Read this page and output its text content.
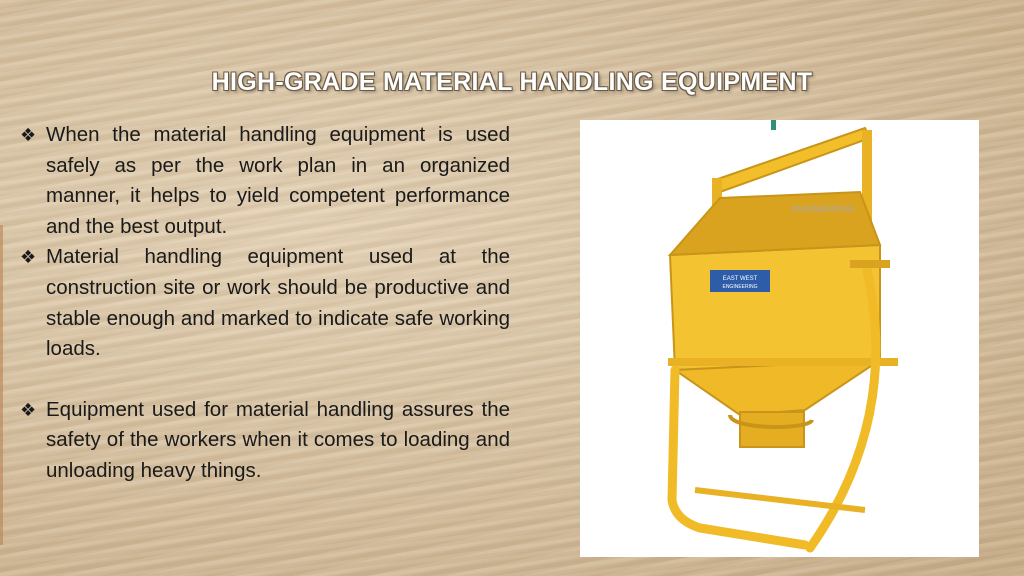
HIGH-GRADE MATERIAL HANDLING EQUIPMENT
❖ When the material handling equipment is used safely as per the work plan in an organized manner, it helps to yield competent performance and the best output.
❖ Material handling equipment used at the construction site or work should be productive and stable enough and marked to indicate safe working loads.
❖ Equipment used for material handling assures the safety of the workers when it comes to loading and unloading heavy things.
EAST WEST
ENGINEERING
ENGINEERING
